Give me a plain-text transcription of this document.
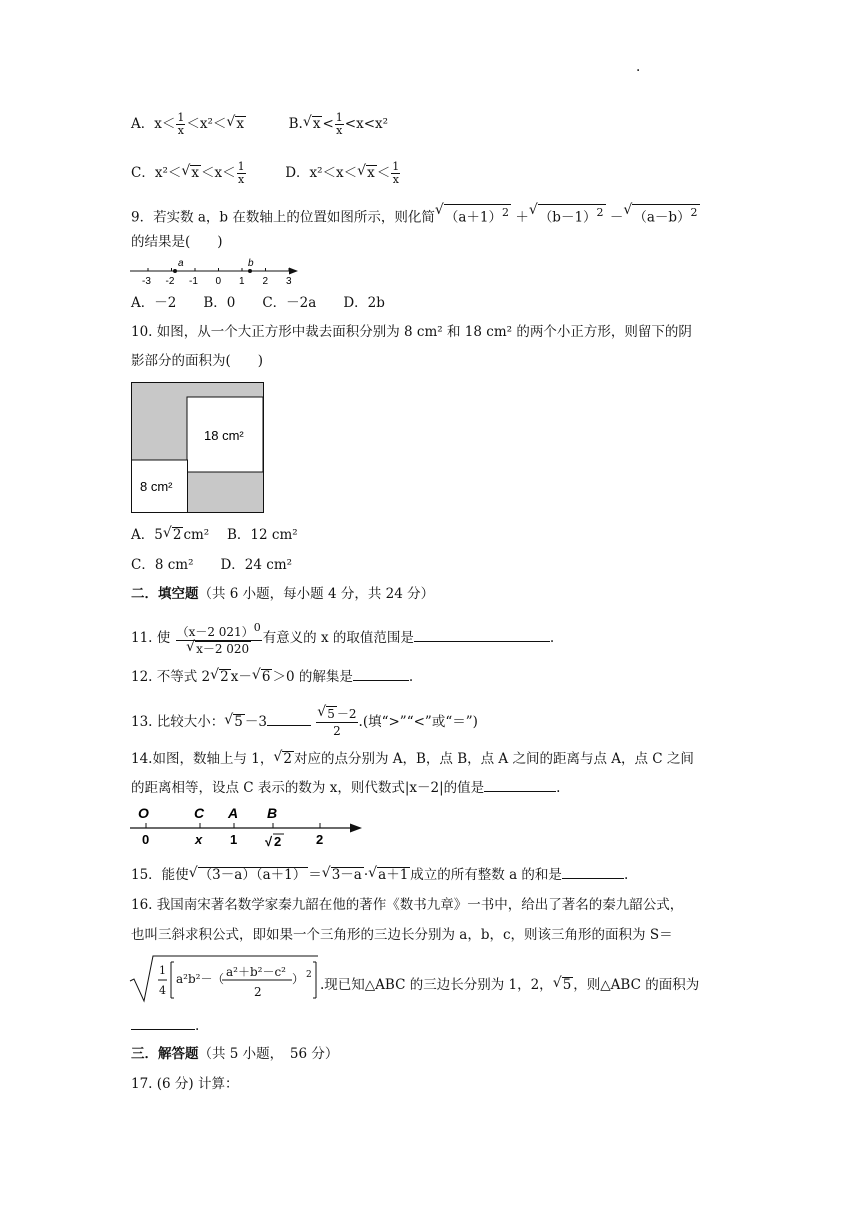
.
A．$x< \frac{1}{x} <x^2<√$ x	B.√ $x < \frac{1}{x} <x<x^2$
C．x²＜√ $x <x< \frac{1}{x}$	D．x²＜x＜√ $x < \frac{1}{x}$
9．若实数 a，b 在数轴上的位置如图所示，则化简√ $(a+1)^2$ ＋√ $(b-1)^2$ －√ $(a-b)^2$
的结果是(　　)
-3 -2 -1 0 1 2 3
a	b
A．－2　　B．0　　C．－2a　　D．2b
10. 如图，从一个大正方形中裁去面积分别为 8 cm² 和 18 cm² 的两个小正方形，则留下的阴
影部分的面积为(　　)
18 cm²
8 cm²
A．5√ 2 cm²　 B．12 cm²
C．8 cm²　　D．24 cm²
二．填空题（共 6 小题，每小题 4 分，共 24 分）
11. 使 （x－2 021）$^0$
√ x－2 020 有意义的 x 的取值范围是	.
12. 不等式 2√ 2 x－√ 6 ＞0 的解集是	.
13. 比较大小：√ 5 －3
√	$\frac{5 -2}{2}$ .(填“>”“<”或“＝”)
14.如图，数轴上与 1，√ 2 对应的点分别为 A，B，点 B，点 A 之间的距离与点 A，点 C 之间
的距离相等，设点 C 表示的数为 x，则代数式|x－2|的值是	.
O	C A B
0	x 1 √ 2	2
15．能使√ （3－a）（a＋1） ＝√ 3－a ·√ a＋1 成立的所有整数 a 的和是	.
16. 我国南宋著名数学家秦九韶在他的著作《数书九章》一书中，给出了著名的秦九韶公式，
也叫三斜求积公式，即如果一个三角形的三边长分别为 a，b，c，则该三角形的面积为 S＝
1
4
a²b²－ （ a²＋b²－c²
2
） 2
.现已知△ABC 的三边长分别为 1，2，√ 5 ，则△ABC 的面积为
.
三．解答题（共 5 小题，　56 分）
17. (6 分) 计算：
